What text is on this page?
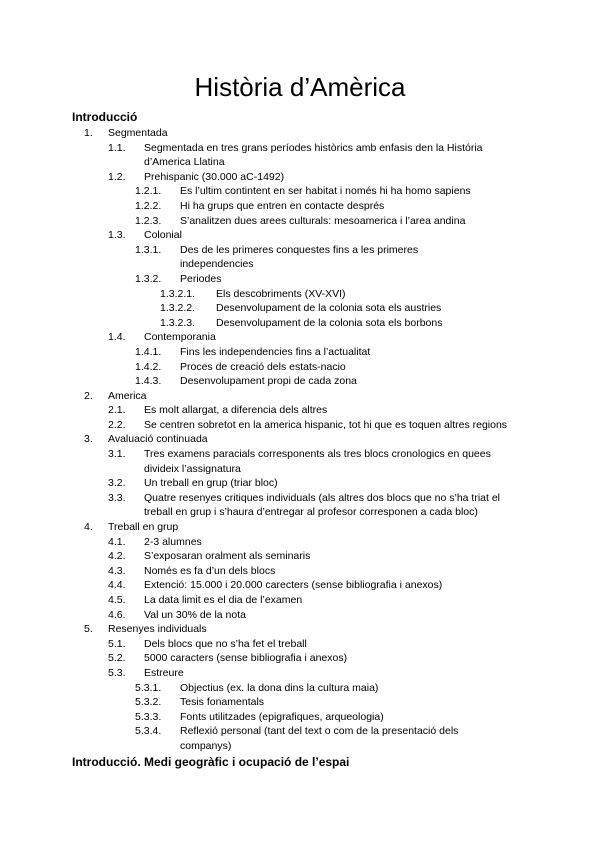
Història d’Amèrica
Introducció
1. Segmentada
1.1. Segmentada en tres grans períodes històrics amb enfasis den la História d’America Llatina
1.2. Prehispanic (30.000 aC-1492)
1.2.1. Es l’ultim contintent en ser habitat i només hi ha homo sapiens
1.2.2. Hi ha grups que entren en contacte després
1.2.3. S’analitzen dues arees culturals: mesoamerica i l’area andina
1.3. Colonial
1.3.1. Des de les primeres conquestes fins a les primeres independencies
1.3.2. Periodes
1.3.2.1. Els descobriments (XV-XVI)
1.3.2.2. Desenvolupament de la colonia sota els austries
1.3.2.3. Desenvolupament de la colonia sota els borbons
1.4. Contemporania
1.4.1. Fins les independencies fins a l’actualitat
1.4.2. Proces de creació dels estats-nacio
1.4.3. Desenvolupament propi de cada zona
2. America
2.1. Es molt allargat, a diferencia dels altres
2.2. Se centren sobretot en la america hispanic, tot hi que es toquen altres regions
3. Avaluació continuada
3.1. Tres examens paracials corresponents als tres blocs cronologics en quees divideix l’assignatura
3.2. Un treball en grup (triar bloc)
3.3. Quatre resenyes critiques individuals (als altres dos blocs que no s’ha triat el treball en grup i s’haura d’entregar al profesor corresponen a cada bloc)
4. Treball en grup
4.1. 2-3 alumnes
4.2. S’exposaran oralment als seminaris
4.3. Només es fa d’un dels blocs
4.4. Extenció: 15.000 i 20.000 carecters (sense bibliografia i anexos)
4.5. La data limit es el dia de l’examen
4.6. Val un 30% de la nota
5. Resenyes individuals
5.1. Dels blocs que no s’ha fet el treball
5.2. 5000 caracters (sense bibliografia i anexos)
5.3. Estreure
5.3.1. Objectius (ex. la dona dins la cultura maia)
5.3.2. Tesis fonamentals
5.3.3. Fonts utilitzades (epigrafiques, arqueologia)
5.3.4. Reflexió personal (tant del text o com de la presentació dels companys)
Introducció. Medi geogràfic i ocupació de l’espai
